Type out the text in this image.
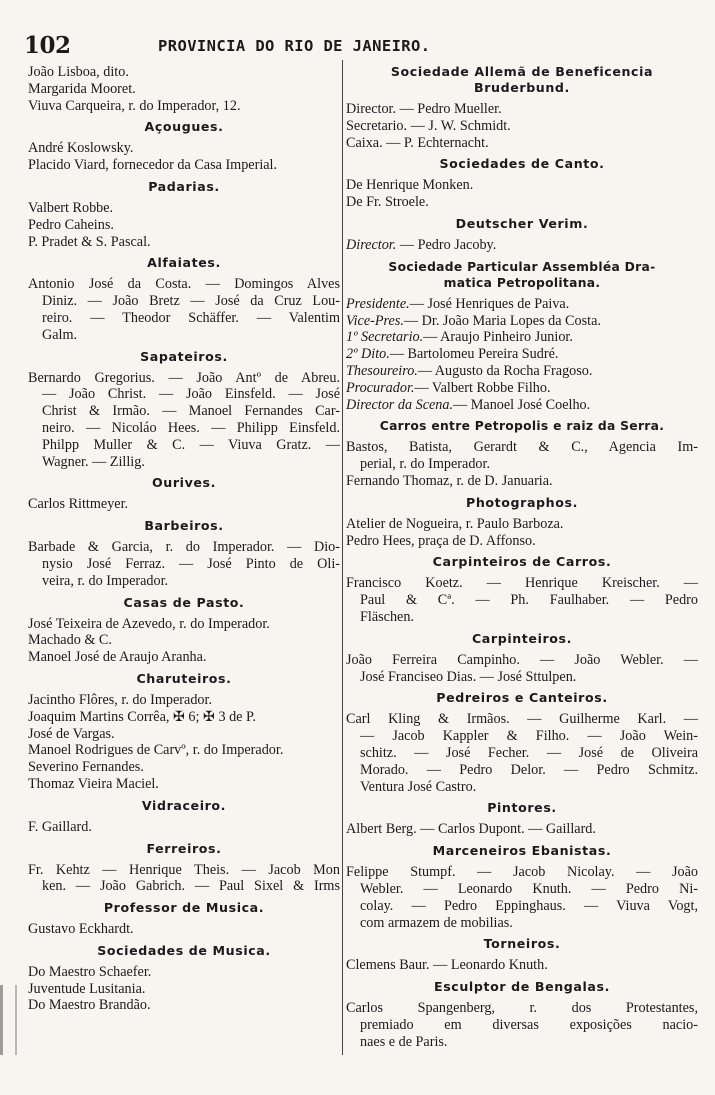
102	PROVINCIA DO RIO DE JANEIRO.
João Lisboa, dito.
Margarida Mooret.
Viuva Carqueira, r. do Imperador, 12.
Açougues.
André Koslowsky.
Placido Viard, fornecedor da Casa Imperial.
Padarias.
Valbert Robbe.
Pedro Caheins.
P. Pradet & S. Pascal.
Alfaiates.
Antonio José da Costa. — Domingos Alves
Diniz. — João Bretz — José da Cruz Lou-
reiro. — Theodor Schäffer. — Valentim
Galm.
Sapateiros.
Bernardo Gregorius. — João Antº de Abreu.
— João Christ. — João Einsfeld. — José
Christ & Irmão. — Manoel Fernandes Car-
neiro. — Nicoláo Hees. — Philipp Einsfeld.
Philpp Muller & C. — Viuva Gratz. —
Wagner. — Zillig.
Ourives.
Carlos Rittmeyer.
Barbeiros.
Barbade & Garcia, r. do Imperador. — Dio-
nysio José Ferraz. — José Pinto de Oli-
veira, r. do Imperador.
Casas de Pasto.
José Teixeira de Azevedo, r. do Imperador.
Machado & C.
Manoel José de Araujo Aranha.
Charuteiros.
Jacintho Flôres, r. do Imperador.
Joaquim Martins Corrêa, ✠ 6; ✠ 3 de P.
José de Vargas.
Manoel Rodrigues de Carvº, r. do Imperador.
Severino Fernandes.
Thomaz Vieira Maciel.
Vidraceiro.
F. Gaillard.
Ferreiros.
Fr. Kehtz — Henrique Theis. — Jacob Mon
ken. — João Gabrich. — Paul Sixel & Irms
Professor de Musica.
Gustavo Eckhardt.
Sociedades de Musica.
Do Maestro Schaefer.
Juventude Lusitania.
Do Maestro Brandão.
Sociedade Allemã de Beneficencia
Bruderbund.
Director. — Pedro Mueller.
Secretario. — J. W. Schmidt.
Caixa. — P. Echternacht.
Sociedades de Canto.
De Henrique Monken.
De Fr. Stroele.
Deutscher Verim.
Director. — Pedro Jacoby.
Sociedade Particular Assembléa Dra-
matica Petropolitana.
Presidente.— José Henriques de Paiva.
Vice-Pres.— Dr. João Maria Lopes da Costa.
1º Secretario.— Araujo Pinheiro Junior.
2º Dito.— Bartolomeu Pereira Sudré.
Thesoureiro.— Augusto da Rocha Fragoso.
Procurador.— Valbert Robbe Filho.
Director da Scena.— Manoel José Coelho.
Carros entre Petropolis e raiz da Serra.
Bastos, Batista, Gerardt & C., Agencia Im-
perial, r. do Imperador.
Fernando Thomaz, r. de D. Januaria.
Photographos.
Atelier de Nogueira, r. Paulo Barboza.
Pedro Hees, praça de D. Affonso.
Carpinteiros de Carros.
Francisco Koetz. — Henrique Kreischer. —
Paul & Cª. — Ph. Faulhaber. — Pedro
Fläschen.
Carpinteiros.
João Ferreira Campinho. — João Webler. —
José Franciseo Dias. — José Sttulpen.
Pedreiros e Canteiros.
Carl Kling & Irmãos. — Guilherme Karl. —
— Jacob Kappler & Filho. — João Wein-
schitz. — José Fecher. — José de Oliveira
Morado. — Pedro Delor. — Pedro Schmitz.
Ventura José Castro.
Pintores.
Albert Berg. — Carlos Dupont. — Gaillard.
Marceneiros Ebanistas.
Felippe Stumpf. — Jacob Nicolay. — João
Webler. — Leonardo Knuth. — Pedro Ni-
colay. — Pedro Eppinghaus. — Viuva Vogt,
com armazem de mobilias.
Torneiros.
Clemens Baur. — Leonardo Knuth.
Esculptor de Bengalas.
Carlos Spangenberg, r. dos Protestantes,
premiado em diversas exposições nacio-
naes e de Paris.
